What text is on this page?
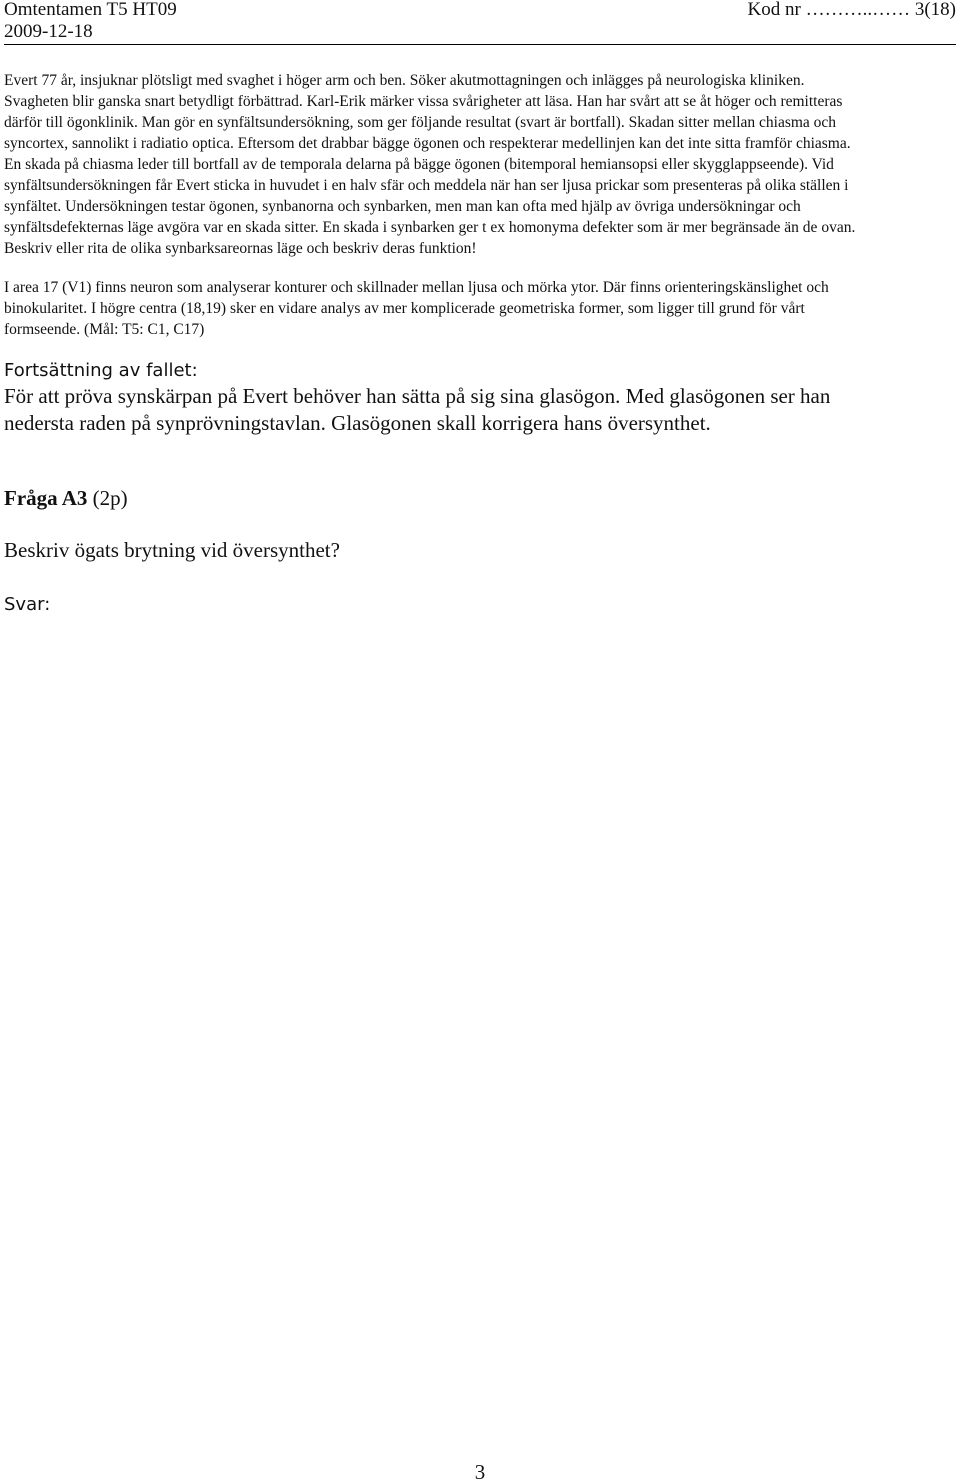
Omtentamen T5 HT09
2009-12-18
Kod nr ………..…… 3(18)

Evert 77 år, insjuknar plötsligt med svaghet i höger arm och ben. Söker akutmottagningen och inlägges på neurologiska kliniken.

Svagheten blir ganska snart betydligt förbättrad. Karl-Erik märker vissa svårigheter att läsa. Han har svårt att se åt höger och remitteras

därför till ögonklinik. Man gör en synfältsundersökning, som ger följande resultat (svart är bortfall). Skadan sitter mellan chiasma och

syncortex, sannolikt i radiatio optica. Eftersom det drabbar bägge ögonen och respekterar medellinjen kan det inte sitta framför chiasma.

En skada på chiasma leder till bortfall av de temporala delarna på bägge ögonen (bitemporal hemiansopsi eller skygglappseende). Vid

synfältsundersökningen får Evert sticka in huvudet i en halv sfär och meddela när han ser ljusa prickar som presenteras på olika ställen i

synfältet. Undersökningen testar ögonen, synbanorna och synbarken, men man kan ofta med hjälp av övriga undersökningar och

synfältsdefekternas läge avgöra var en skada sitter. En skada i synbarken ger t ex homonyma defekter som är mer begränsade än de ovan.

Beskriv eller rita de olika synbarksareornas läge och beskriv deras funktion!

I area 17 (V1) finns neuron som analyserar konturer och skillnader mellan ljusa och mörka ytor. Där finns orienteringskänslighet och

binokularitet. I högre centra (18,19) sker en vidare analys av mer komplicerade geometriska former, som ligger till grund för vårt

formseende. (Mål: T5: C1, C17)

Fortsättning av fallet:
För att pröva synskärpan på Evert behöver han sätta på sig sina glasögon. Med glasögonen ser han
nedersta raden på synprövningstavlan. Glasögonen skall korrigera hans översynthet.
Fråga A3 (2p)
Beskriv ögats brytning vid översynthet?
Svar:
3
